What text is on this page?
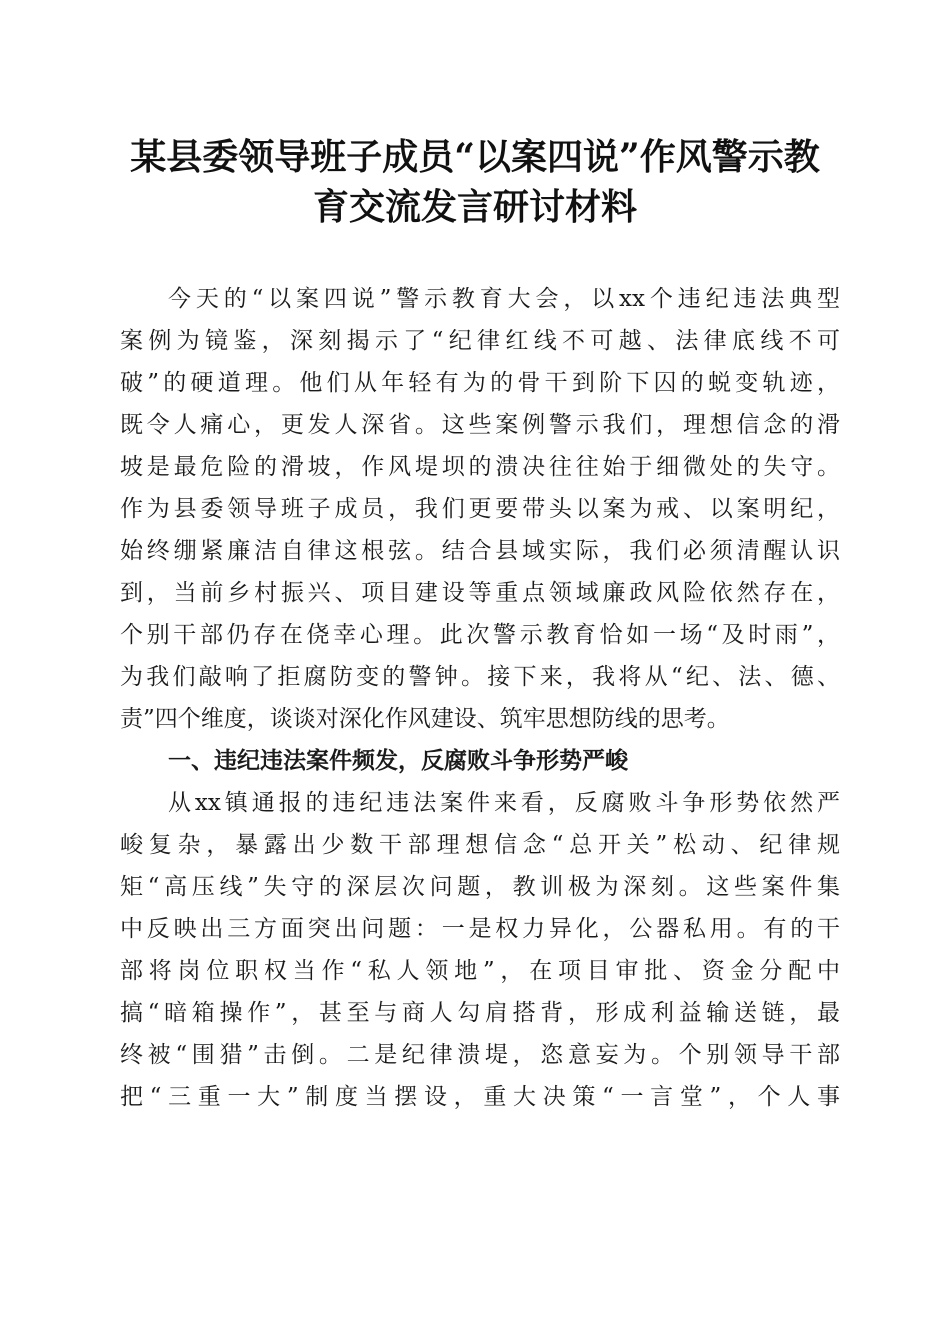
某县委领导班子成员“以案四说”作风警示教
育交流发言研讨材料
今天的“以案四说”警示教育大会，以xx个违纪违法典型
案例为镜鉴，深刻揭示了“纪律红线不可越、法律底线不可
破”的硬道理。他们从年轻有为的骨干到阶下囚的蜕变轨迹，
既令人痛心，更发人深省。这些案例警示我们，理想信念的滑
坡是最危险的滑坡，作风堤坝的溃决往往始于细微处的失守。
作为县委领导班子成员，我们更要带头以案为戒、以案明纪，
始终绷紧廉洁自律这根弦。结合县域实际，我们必须清醒认识
到，当前乡村振兴、项目建设等重点领域廉政风险依然存在，
个别干部仍存在侥幸心理。此次警示教育恰如一场“及时雨”，
为我们敲响了拒腐防变的警钟。接下来，我将从“纪、法、德、
责”四个维度，谈谈对深化作风建设、筑牢思想防线的思考。
一、违纪违法案件频发，反腐败斗争形势严峻
从xx镇通报的违纪违法案件来看，反腐败斗争形势依然严
峻复杂，暴露出少数干部理想信念“总开关”松动、纪律规
矩“高压线”失守的深层次问题，教训极为深刻。这些案件集
中反映出三方面突出问题：一是权力异化，公器私用。有的干
部将岗位职权当作“私人领地”，在项目审批、资金分配中
搞“暗箱操作”，甚至与商人勾肩搭背，形成利益输送链，最
终被“围猎”击倒。二是纪律溃堤，恣意妄为。个别领导干部
把“三重一大”制度当摆设，重大决策“一言堂”，个人事
